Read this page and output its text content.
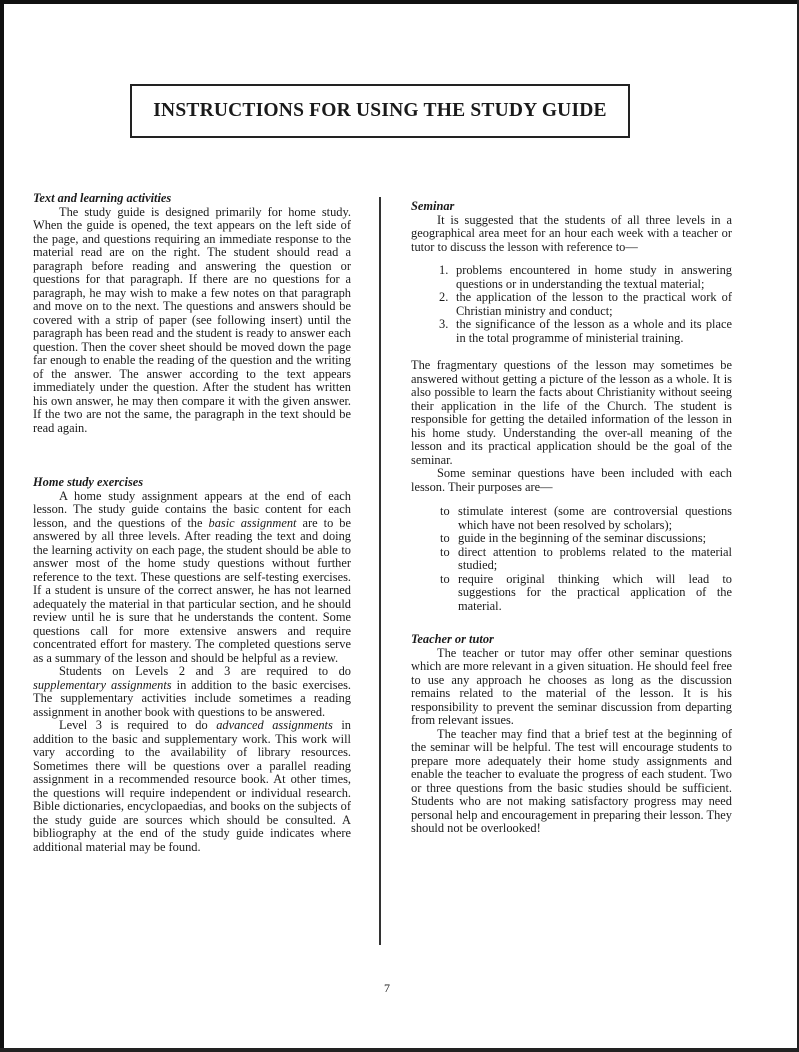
INSTRUCTIONS FOR USING THE STUDY GUIDE

Text and learning activities

The study guide is designed primarily for home study. When the guide is opened, the text appears on the left side of the page, and questions requiring an immediate response to the material read are on the right. The student should read a paragraph before reading and answering the question or questions for that paragraph. If there are no questions for a paragraph, he may wish to make a few notes on that paragraph and move on to the next. The questions and answers should be covered with a strip of paper (see following insert) until the paragraph has been read and the student is ready to answer each question. Then the cover sheet should be moved down the page far enough to enable the reading of the question and the writing of the answer. The answer according to the text appears immediately under the question. After the student has written his own answer, he may then compare it with the given answer. If the two are not the same, the paragraph in the text should be read again.

Home study exercises

A home study assignment appears at the end of each lesson. The study guide contains the basic content for each lesson, and the questions of the basic assignment are to be answered by all three levels. After reading the text and doing the learning activity on each page, the student should be able to answer most of the home study questions without further reference to the text. These questions are self-testing exercises. If a student is unsure of the correct answer, he has not learned adequately the material in that particular section, and he should review until he is sure that he understands the content. Some questions call for more extensive answers and require concentrated effort for mastery. The completed questions serve as a summary of the lesson and should be helpful as a review.

Students on Levels 2 and 3 are required to do supplementary assignments in addition to the basic exercises. The supplementary activities include sometimes a reading assignment in another book with questions to be answered.

Level 3 is required to do advanced assignments in addition to the basic and supplementary work. This work will vary according to the availability of library resources. Sometimes there will be questions over a parallel reading assignment in a recommended resource book. At other times, the questions will require independent or individual research. Bible dictionaries, encyclopaedias, and books on the subjects of the study guide are sources which should be consulted. A bibliography at the end of the study guide indicates where additional material may be found.

Seminar

It is suggested that the students of all three levels in a geographical area meet for an hour each week with a teacher or tutor to discuss the lesson with reference to—

1. problems encountered in home study in answering questions or in understanding the textual material;
2. the application of the lesson to the practical work of Christian ministry and conduct;
3. the significance of the lesson as a whole and its place in the total programme of ministerial training.

The fragmentary questions of the lesson may sometimes be answered without getting a picture of the lesson as a whole. It is also possible to learn the facts about Christianity without seeing their application in the life of the Church. The student is responsible for getting the detailed information of the lesson in his home study. Understanding the over-all meaning of the lesson and its practical application should be the goal of the seminar.

Some seminar questions have been included with each lesson. Their purposes are—

to stimulate interest (some are controversial questions which have not been resolved by scholars);
to guide in the beginning of the seminar discussions;
to direct attention to problems related to the material studied;
to require original thinking which will lead to suggestions for the practical application of the material.

Teacher or tutor

The teacher or tutor may offer other seminar questions which are more relevant in a given situation. He should feel free to use any approach he chooses as long as the discussion remains related to the material of the lesson. It is his responsibility to prevent the seminar discussion from departing from relevant issues.

The teacher may find that a brief test at the beginning of the seminar will be helpful. The test will encourage students to prepare more adequately their home study assignments and enable the teacher to evaluate the progress of each student. Two or three questions from the basic studies should be sufficient. Students who are not making satisfactory progress may need personal help and encouragement in preparing their lesson. They should not be overlooked!

7
